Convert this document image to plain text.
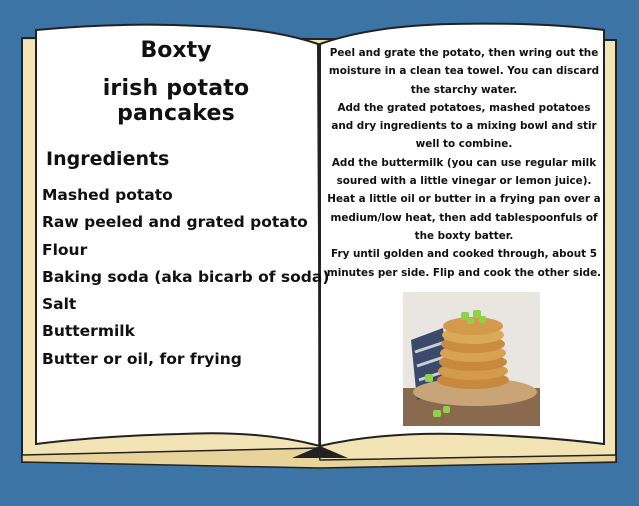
Boxty
irish potato pancakes
Ingredients
Mashed potato
Raw peeled and grated potato
Flour
Baking soda (aka bicarb of soda)
Salt
Buttermilk
Butter or oil, for frying

Peel and grate the potato, then wring out the moisture in a clean tea towel. You can discard the starchy water.

Add the grated potatoes, mashed potatoes and dry ingredients to a mixing bowl and stir well to combine.

Add the buttermilk (you can use regular milk soured with a little vinegar or lemon juice).

Heat a little oil or butter in a frying pan over a medium/low heat, then add tablespoonfuls of the boxty batter.

Fry until golden and cooked through, about 5 minutes per side. Flip and cook the other side.
